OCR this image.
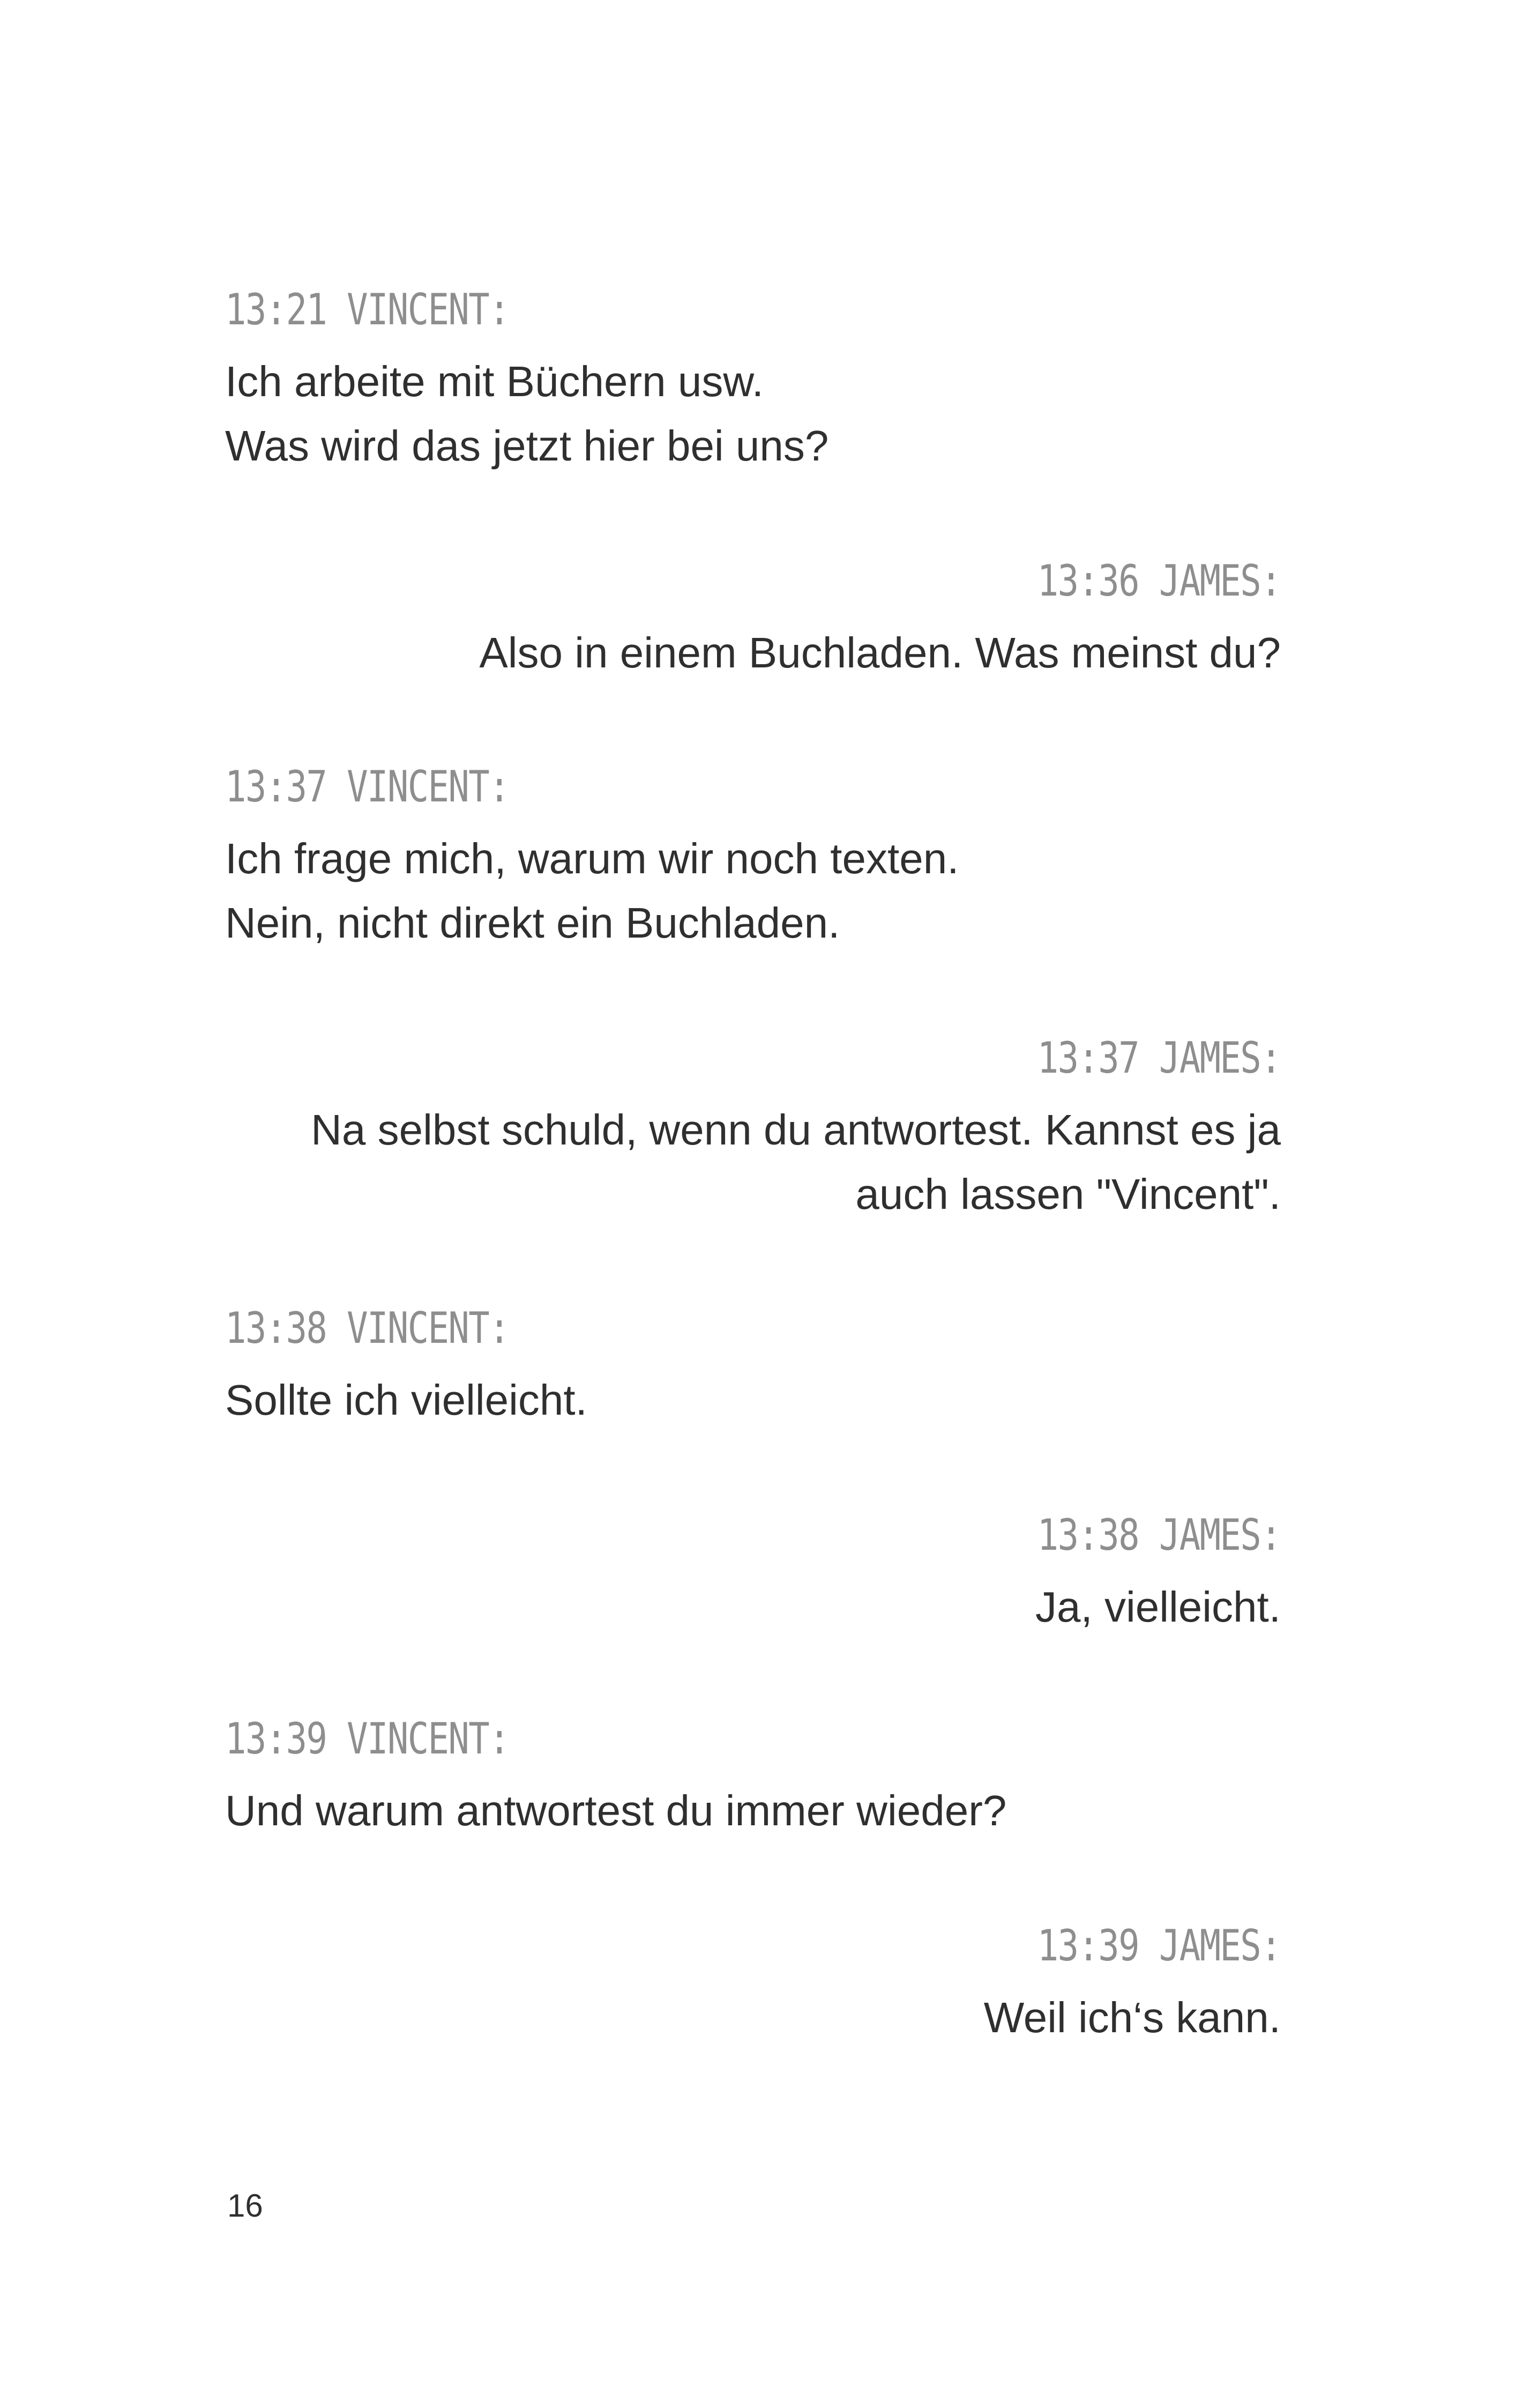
13:21 VINCENT:
Ich arbeite mit Büchern usw.
Was wird das jetzt hier bei uns?
13:36 JAMES:
Also in einem Buchladen. Was meinst du?
13:37 VINCENT:
Ich frage mich, warum wir noch texten.
Nein, nicht direkt ein Buchladen.
13:37 JAMES:
Na selbst schuld, wenn du antwortest. Kannst es ja
auch lassen "Vincent".
13:38 VINCENT:
Sollte ich vielleicht.
13:38 JAMES:
Ja, vielleicht.
13:39 VINCENT:
Und warum antwortest du immer wieder?
13:39 JAMES:
Weil ich‘s kann.
16
